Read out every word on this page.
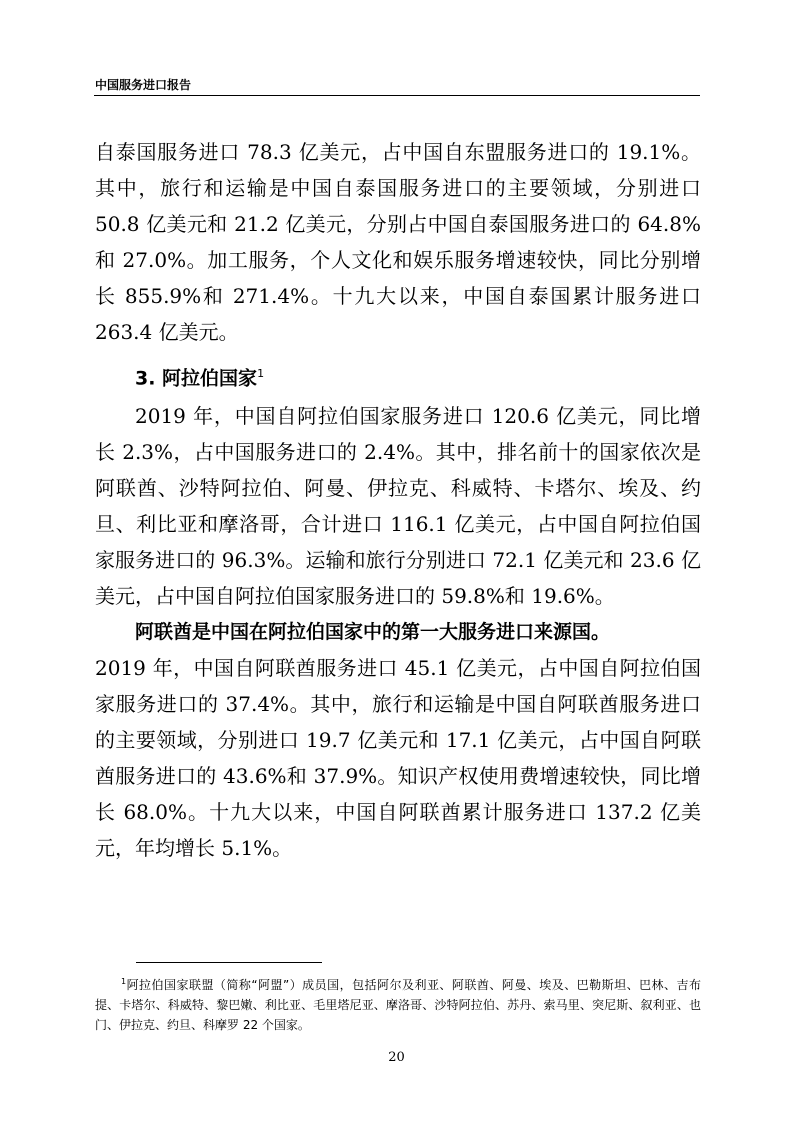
中国服务进口报告

自泰国服务进口 78.3 亿美元，占中国自东盟服务进口的 19.1%。其中，旅行和运输是中国自泰国服务进口的主要领域，分别进口 50.8 亿美元和 21.2 亿美元，分别占中国自泰国服务进口的 64.8% 和 27.0%。加工服务，个人文化和娱乐服务增速较快，同比分别增长 855.9%和 271.4%。十九大以来，中国自泰国累计服务进口 263.4 亿美元。

3. 阿拉伯国家$^1$

2019 年，中国自阿拉伯国家服务进口 120.6 亿美元，同比增长 2.3%，占中国服务进口的 2.4%。其中，排名前十的国家依次是阿联酋、沙特阿拉伯、阿曼、伊拉克、科威特、卡塔尔、埃及、约旦、利比亚和摩洛哥，合计进口 116.1 亿美元，占中国自阿拉伯国家服务进口的 96.3%。运输和旅行分别进口 72.1 亿美元和 23.6 亿美元，占中国自阿拉伯国家服务进口的 59.8%和 19.6%。

阿联酋是中国在阿拉伯国家中的第一大服务进口来源国。

2019 年，中国自阿联酋服务进口 45.1 亿美元，占中国自阿拉伯国家服务进口的 37.4%。其中，旅行和运输是中国自阿联酋服务进口的主要领域，分别进口 19.7 亿美元和 17.1 亿美元，占中国自阿联酋服务进口的 43.6%和 37.9%。知识产权使用费增速较快，同比增长 68.0%。十九大以来，中国自阿联酋累计服务进口 137.2 亿美元，年均增长 5.1%。

$^1$阿拉伯国家联盟（简称“阿盟”）成员国，包括阿尔及利亚、阿联酋、阿曼、埃及、巴勒斯坦、巴林、吉布提、卡塔尔、科威特、黎巴嫩、利比亚、毛里塔尼亚、摩洛哥、沙特阿拉伯、苏丹、索马里、突尼斯、叙利亚、也门、伊拉克、约旦、科摩罗 22 个国家。
20
